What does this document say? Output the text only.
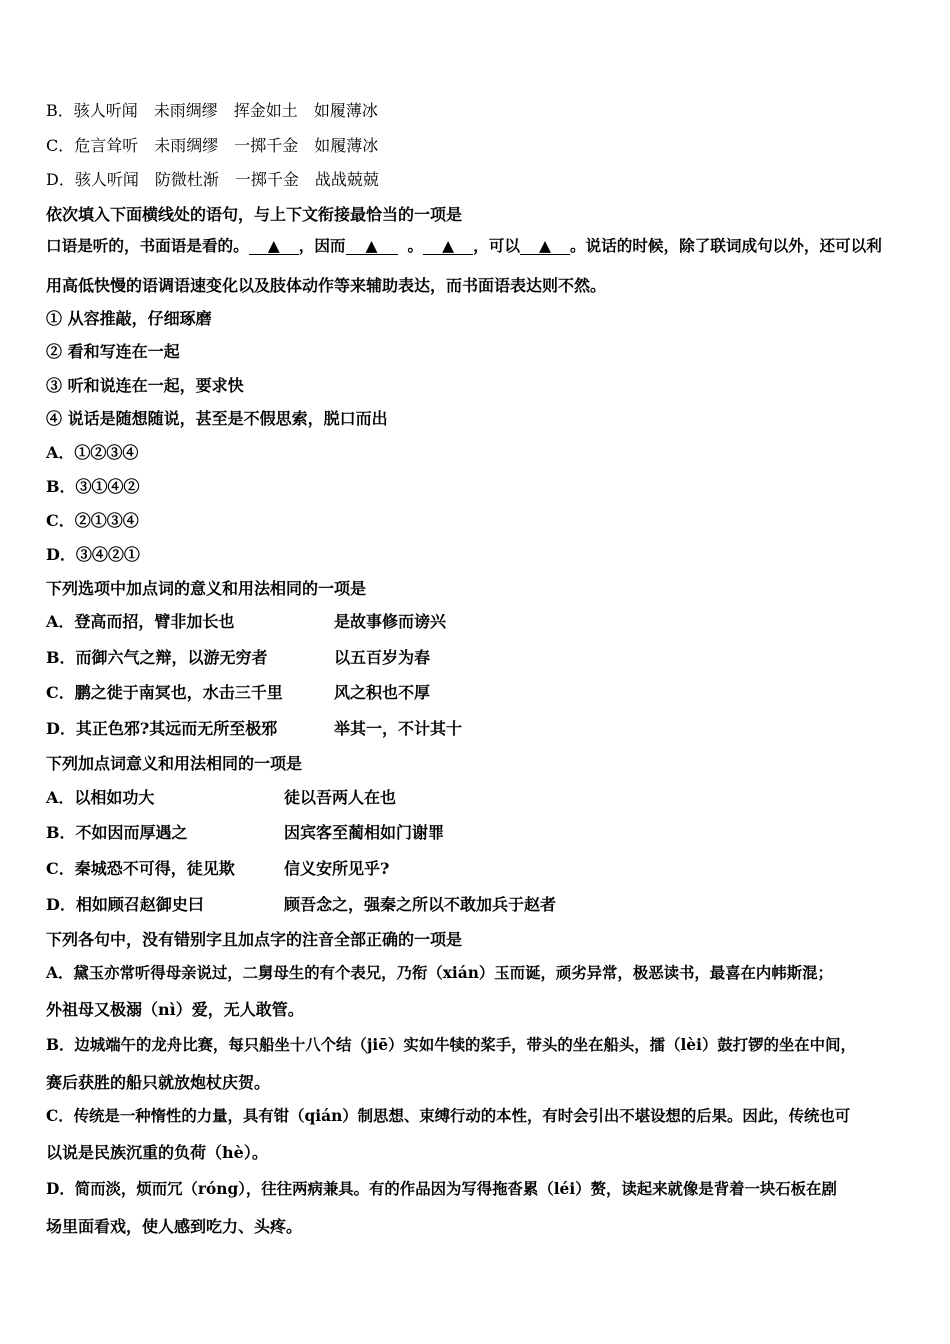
B．骇人听闻 未雨绸缪 挥金如土 如履薄冰
C．危言耸听 未雨绸缪 一掷千金 如履薄冰
D．骇人听闻 防微杜渐 一掷千金 战战兢兢
依次填入下面横线处的语句，与上下文衔接最恰当的一项是
口语是听的，书面语是看的。 ▲ ，因而 ▲ 。 ▲ ，可以 ▲ 。说话的时候，除了联词成句以外，还可以利
用高低快慢的语调语速变化以及肢体动作等来辅助表达，而书面语表达则不然。
① 从容推敲，仔细琢磨
② 看和写连在一起
③ 听和说连在一起，要求快
④ 说话是随想随说，甚至是不假思索，脱口而出
A．①②③④
B．③①④②
C．②①③④
D．③④②①
下列选项中加点词的意义和用法相同的一项是
A．登高而招，臂非加长也	是故事修而谤兴
B．而御六气之辩，以游无穷者	以五百岁为春
C．鹏之徙于南冥也，水击三千里	风之积也不厚
D．其正色邪?其远而无所至极邪	举其一，不计其十
下列加点词意义和用法相同的一项是
A．以相如功大	徒以吾两人在也
B．不如因而厚遇之	因宾客至蔺相如门谢罪
C．秦城恐不可得，徒见欺	信义安所见乎?
D．相如顾召赵御史曰	顾吾念之，强秦之所以不敢加兵于赵者
下列各句中，没有错别字且加点字的注音全部正确的一项是
A．黛玉亦常听得母亲说过，二舅母生的有个表兄，乃衔（xián）玉而诞，顽劣异常，极恶读书，最喜在内帏斯混；
外祖母又极溺（nì）爱，无人敢管。
B．边城端午的龙舟比赛，每只船坐十八个结（jiē）实如牛犊的桨手，带头的坐在船头，擂（lèi）鼓打锣的坐在中间，
赛后获胜的船只就放炮杖庆贺。
C．传统是一种惰性的力量，具有钳（qián）制思想、束缚行动的本性，有时会引出不堪设想的后果。因此，传统也可
以说是民族沉重的负荷（hè）。
D．简而淡，烦而冗（róng），往往两病兼具。有的作品因为写得拖沓累（léi）赘，读起来就像是背着一块石板在剧
场里面看戏，使人感到吃力、头疼。
